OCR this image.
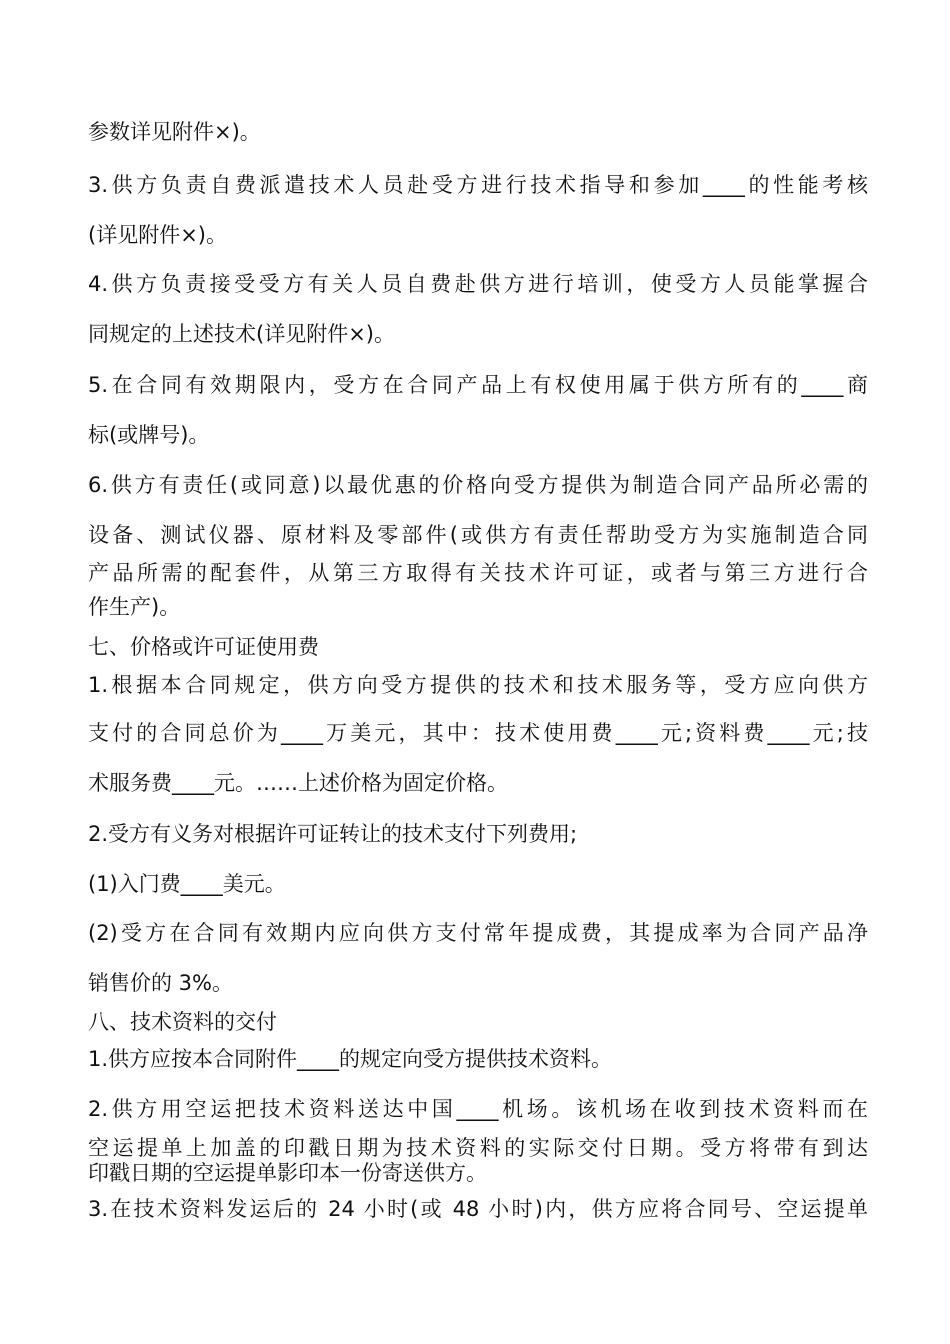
参数详见附件×)。
3.供方负责自费派遣技术人员赴受方进行技术指导和参加____的性能考核
(详见附件×)。
4.供方负责接受受方有关人员自费赴供方进行培训，使受方人员能掌握合
同规定的上述技术(详见附件×)。
5.在合同有效期限内，受方在合同产品上有权使用属于供方所有的____商
标(或牌号)。
6.供方有责任(或同意)以最优惠的价格向受方提供为制造合同产品所必需的
设备、测试仪器、原材料及零部件(或供方有责任帮助受方为实施制造合同
产品所需的配套件，从第三方取得有关技术许可证，或者与第三方进行合
作生产)。
七、价格或许可证使用费
1.根据本合同规定，供方向受方提供的技术和技术服务等，受方应向供方
支付的合同总价为____万美元，其中：技术使用费____元;资料费____元;技
术服务费____元。……上述价格为固定价格。
2.受方有义务对根据许可证转让的技术支付下列费用;
(1)入门费____美元。
(2)受方在合同有效期内应向供方支付常年提成费，其提成率为合同产品净
销售价的 3%。
八、技术资料的交付
1.供方应按本合同附件____的规定向受方提供技术资料。
2.供方用空运把技术资料送达中国____机场。该机场在收到技术资料而在
空运提单上加盖的印戳日期为技术资料的实际交付日期。受方将带有到达
印戳日期的空运提单影印本一份寄送供方。
3.在技术资料发运后的 24 小时(或 48 小时)内，供方应将合同号、空运提单
